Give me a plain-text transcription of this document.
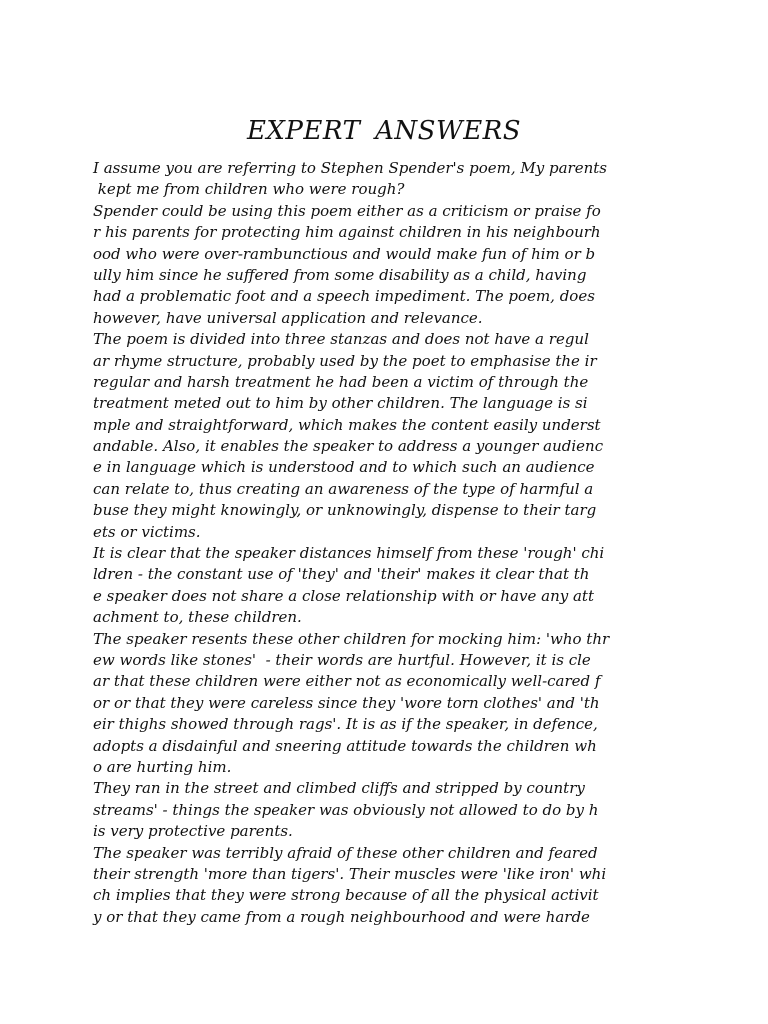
EXPERT ANSWERS
I assume you are referring to Stephen Spender's poem, My parents
kept me from children who were rough?
Spender could be using this poem either as a criticism or praise fo
r his parents for protecting him against children in his neighbourh
ood who were over-rambunctious and would make fun of him or b
ully him since he suffered from some disability as a child, having
had a problematic foot and a speech impediment. The poem, does
however, have universal application and relevance.
The poem is divided into three stanzas and does not have a regul
ar rhyme structure, probably used by the poet to emphasise the ir
regular and harsh treatment he had been a victim of through the
treatment meted out to him by other children. The language is si
mple and straightforward, which makes the content easily underst
andable. Also, it enables the speaker to address a younger audienc
e in language which is understood and to which such an audience
can relate to, thus creating an awareness of the type of harmful a
buse they might knowingly, or unknowingly, dispense to their targ
ets or victims.
It is clear that the speaker distances himself from these 'rough' chi
ldren - the constant use of 'they' and 'their' makes it clear that th
e speaker does not share a close relationship with or have any att
achment to, these children.
The speaker resents these other children for mocking him: 'who thr
ew words like stones'  - their words are hurtful. However, it is cle
ar that these children were either not as economically well-cared f
or or that they were careless since they 'wore torn clothes' and 'th
eir thighs showed through rags'. It is as if the speaker, in defence,
adopts a disdainful and sneering attitude towards the children wh
o are hurting him.
They ran in the street and climbed cliffs and stripped by country
streams' - things the speaker was obviously not allowed to do by h
is very protective parents.
The speaker was terribly afraid of these other children and feared
their strength 'more than tigers'. Their muscles were 'like iron' whi
ch implies that they were strong because of all the physical activit
y or that they came from a rough neighbourhood and were harde
